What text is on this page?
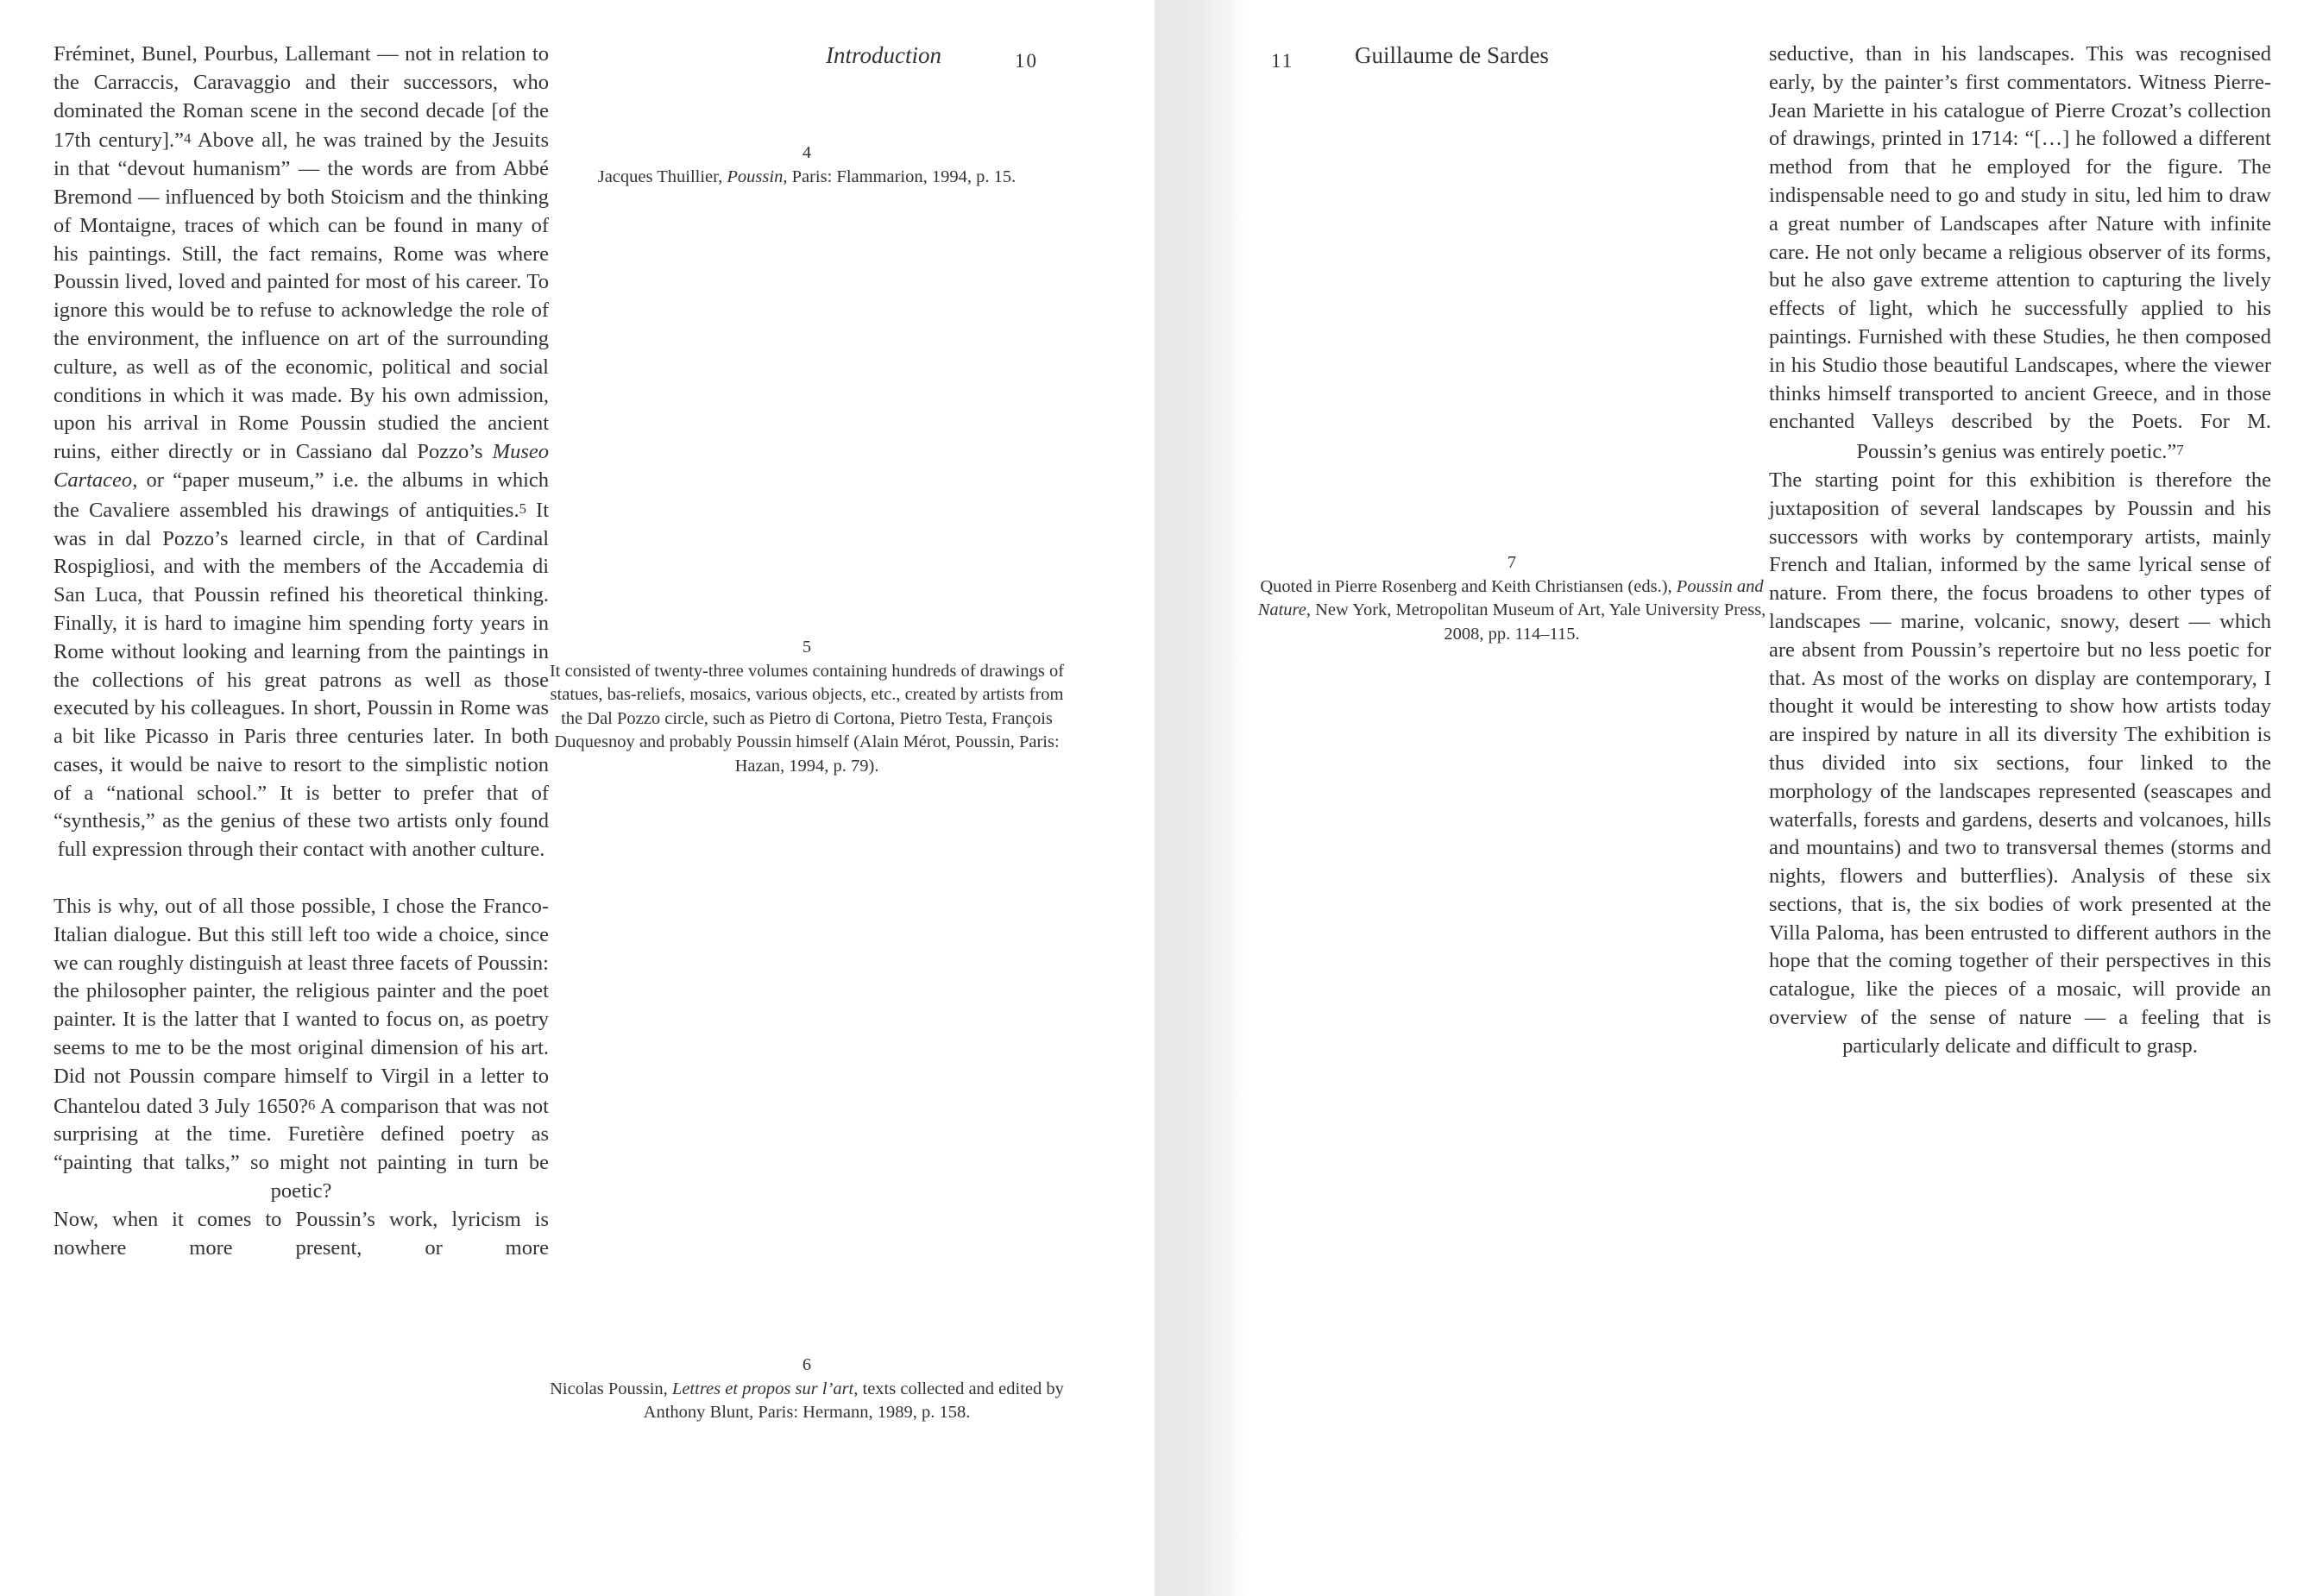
Introduction	10
Fréminet, Bunel, Pourbus, Lallemant — not in relation to the Carraccis, Caravaggio and their successors, who dominated the Roman scene in the second decade [of the 17th century].”$^4$ Above all, he was trained by the Jesuits in that “devout humanism” — the words are from Abbé Bremond — influenced by both Stoicism and the thinking of Montaigne, traces of which can be found in many of his paintings. Still, the fact remains, Rome was where Poussin lived, loved and painted for most of his career. To ignore this would be to refuse to acknowledge the role of the environment, the influence on art of the surrounding culture, as well as of the economic, political and social conditions in which it was made. By his own admission, upon his arrival in Rome Poussin studied the ancient ruins, either directly or in Cassiano dal Pozzo’s Museo Cartaceo, or “paper museum,” i.e. the albums in which the Cavaliere assembled his drawings of antiquities.$^5$ It was in dal Pozzo’s learned circle, in that of Cardinal Rospigliosi, and with the members of the Accademia di San Luca, that Poussin refined his theoretical thinking. Finally, it is hard to imagine him spending forty years in Rome without looking and learning from the paintings in the collections of his great patrons as well as those executed by his colleagues. In short, Poussin in Rome was a bit like Picasso in Paris three centuries later. In both cases, it would be naive to resort to the simplistic notion of a “national school.” It is better to prefer that of “synthesis,” as the genius of these two artists only found full expression through their contact with another culture.
This is why, out of all those possible, I chose the Franco-Italian dialogue. But this still left too wide a choice, since we can roughly distinguish at least three facets of Poussin: the philosopher painter, the religious painter and the poet painter. It is the latter that I wanted to focus on, as poetry seems to me to be the most original dimension of his art. Did not Poussin compare himself to Virgil in a letter to Chantelou dated 3 July 1650?$^6$ A comparison that was not surprising at the time. Furetière defined poetry as “painting that talks,” so might not painting in turn be poetic?
Now, when it comes to Poussin’s work, lyricism is nowhere more present, or more
4
Jacques Thuillier, Poussin, Paris: Flammarion, 1994, p. 15.
5
It consisted of twenty-three volumes containing hundreds of drawings of statues, bas-reliefs, mosaics, various objects, etc., created by artists from the Dal Pozzo circle, such as Pietro di Cortona, Pietro Testa, François Duquesnoy and probably Poussin himself (Alain Mérot, Poussin, Paris: Hazan, 1994, p. 79).
6
Nicolas Poussin, Lettres et propos sur l’art, texts collected and edited by Anthony Blunt, Paris: Hermann, 1989, p. 158.
11	Guillaume de Sardes
7
Quoted in Pierre Rosenberg and Keith Christiansen (eds.), Poussin and Nature, New York, Metropolitan Museum of Art, Yale University Press, 2008, pp. 114–115.
seductive, than in his landscapes. This was recognised early, by the painter’s first commentators. Witness Pierre-Jean Mariette in his catalogue of Pierre Crozat’s collection of drawings, printed in 1714: “[…] he followed a different method from that he employed for the figure. The indispensable need to go and study in situ, led him to draw a great number of Landscapes after Nature with infinite care. He not only became a religious observer of its forms, but he also gave extreme attention to capturing the lively effects of light, which he successfully applied to his paintings. Furnished with these Studies, he then composed in his Studio those beautiful Landscapes, where the viewer thinks himself transported to ancient Greece, and in those enchanted Valleys described by the Poets. For M. Poussin’s genius was entirely poetic.”$^7$
The starting point for this exhibition is therefore the juxtaposition of several landscapes by Poussin and his successors with works by contemporary artists, mainly French and Italian, informed by the same lyrical sense of nature. From there, the focus broadens to other types of landscapes — marine, volcanic, snowy, desert — which are absent from Poussin’s repertoire but no less poetic for that. As most of the works on display are contemporary, I thought it would be interesting to show how artists today are inspired by nature in all its diversity The exhibition is thus divided into six sections, four linked to the morphology of the landscapes represented (seascapes and waterfalls, forests and gardens, deserts and volcanoes, hills and mountains) and two to transversal themes (storms and nights, flowers and butterflies). Analysis of these six sections, that is, the six bodies of work presented at the Villa Paloma, has been entrusted to different authors in the hope that the coming together of their perspectives in this catalogue, like the pieces of a mosaic, will provide an overview of the sense of nature — a feeling that is particularly delicate and difficult to grasp.
